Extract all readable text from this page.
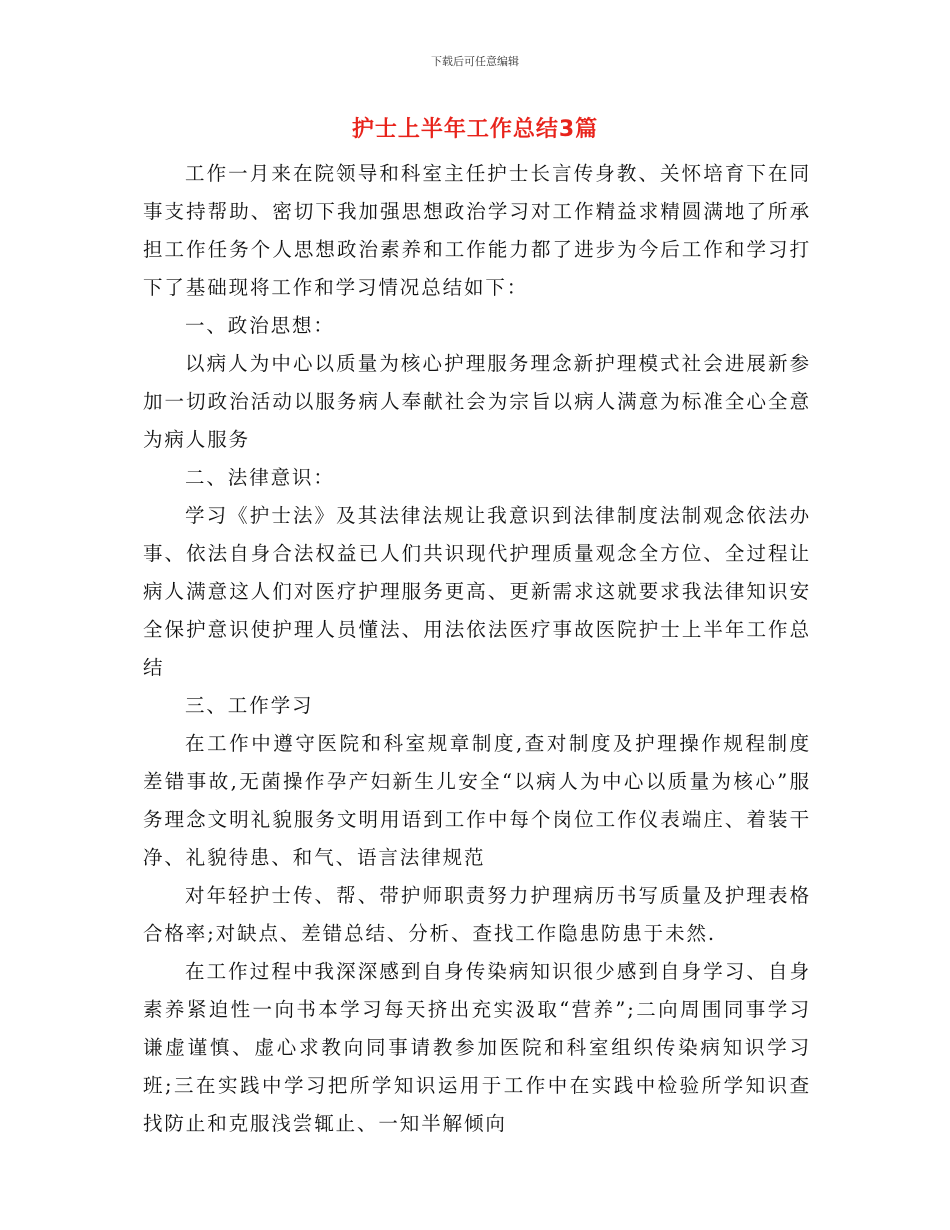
下载后可任意编辑
护士上半年工作总结3篇

工作一月来在院领导和科室主任护士长言传身教、关怀培育下在同事支持帮助、密切下我加强思想政治学习对工作精益求精圆满地了所承担工作任务个人思想政治素养和工作能力都了进步为今后工作和学习打下了基础现将工作和学习情况总结如下：

一、政治思想：

以病人为中心以质量为核心护理服务理念新护理模式社会进展新参加一切政治活动以服务病人奉献社会为宗旨以病人满意为标准全心全意为病人服务

二、法律意识：

学习《护士法》及其法律法规让我意识到法律制度法制观念依法办事、依法自身合法权益已人们共识现代护理质量观念全方位、全过程让病人满意这人们对医疗护理服务更高、更新需求这就要求我法律知识安全保护意识使护理人员懂法、用法依法医疗事故医院护士上半年工作总结

三、工作学习

在工作中遵守医院和科室规章制度,查对制度及护理操作规程制度差错事故,无菌操作孕产妇新生儿安全“以病人为中心以质量为核心”服务理念文明礼貌服务文明用语到工作中每个岗位工作仪表端庄、着装干净、礼貌待患、和气、语言法律规范

对年轻护士传、帮、带护师职责努力护理病历书写质量及护理表格合格率;对缺点、差错总结、分析、查找工作隐患防患于未然.

在工作过程中我深深感到自身传染病知识很少感到自身学习、自身素养紧迫性一向书本学习每天挤出充实汲取“营养”;二向周围同事学习谦虚谨慎、虚心求教向同事请教参加医院和科室组织传染病知识学习班;三在实践中学习把所学知识运用于工作中在实践中检验所学知识查找防止和克服浅尝辄止、一知半解倾向
